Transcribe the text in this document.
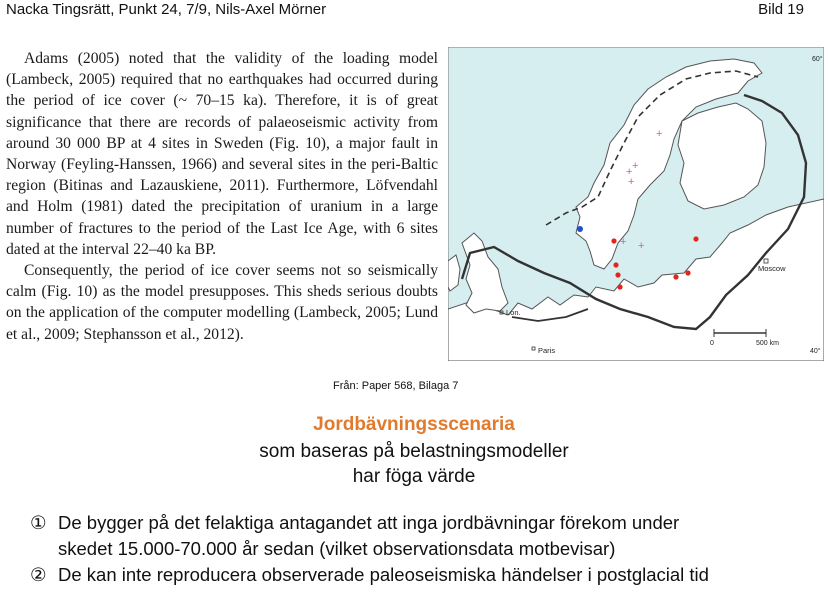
Nacka Tingsrätt, Punkt 24, 7/9, Nils-Axel Mörner	Bild 19

Adams (2005) noted that the validity of the loading model (Lambeck, 2005) required that no earthquakes had occurred during the period of ice cover (~ 70–15 ka). Therefore, it is of great significance that there are records of palaeoseismic activity from around 30 000 BP at 4 sites in Sweden (Fig. 10), a major fault in Norway (Feyling-Hanssen, 1966) and several sites in the peri-Baltic region (Bitinas and Lazauskiene, 2011). Furthermore, Löfvendahl and Holm (1981) dated the precipitation of uranium in a large number of fractures to the period of the Last Ice Age, with 6 sites dated at the interval 22–40 ka BP.

Consequently, the period of ice cover seems not so seismically calm (Fig. 10) as the model presupposes. This sheds serious doubts on the application of the computer modelling (Lambeck, 2005; Lund et al., 2009; Stephansson et al., 2012).

0	500 km
60°
40°
Moscow
Lon.
Paris
+
+
+
+
+ +
Från: Paper 568, Bilaga 7
Jordbävningsscenaria
som baseras på belastningsmodeller
har föga värde
① De bygger på det felaktiga antagandet att inga jordbävningar förekom under
skedet 15.000-70.000 år sedan (vilket observationsdata motbevisar)
② De kan inte reproducera observerade paleoseismiska händelser i postglacial tid
